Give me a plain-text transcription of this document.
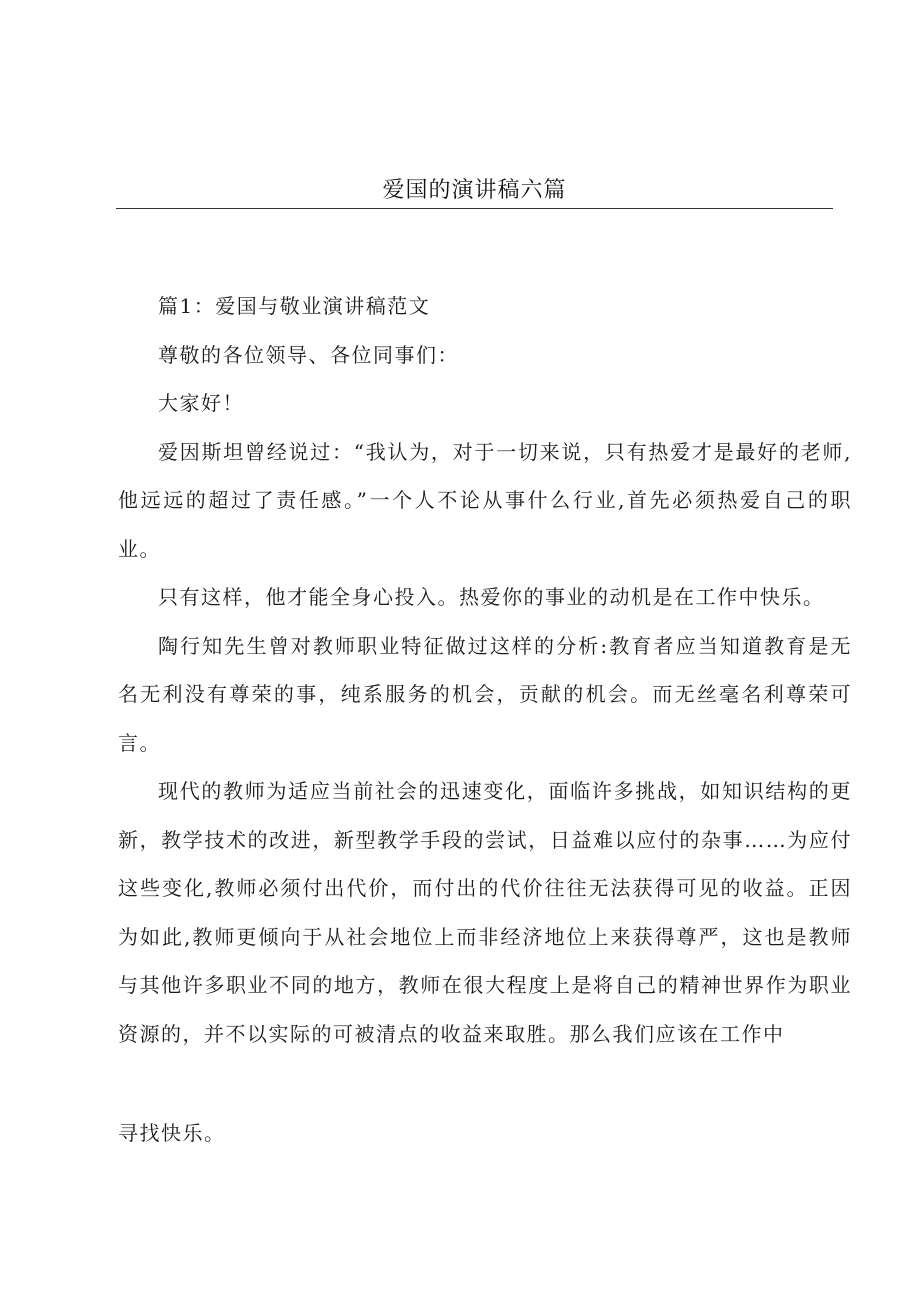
爱国的演讲稿六篇

篇1：爱国与敬业演讲稿范文

尊敬的各位领导、各位同事们：

大家好！

爱因斯坦曾经说过：“我认为，对于一切来说，只有热爱才是最好的老师,他远远的超过了责任感。”一个人不论从事什么行业,首先必须热爱自己的职业。

只有这样，他才能全身心投入。热爱你的事业的动机是在工作中快乐。

陶行知先生曾对教师职业特征做过这样的分析:教育者应当知道教育是无名无利没有尊荣的事，纯系服务的机会，贡献的机会。而无丝毫名利尊荣可言。

现代的教师为适应当前社会的迅速变化，面临许多挑战，如知识结构的更新，教学技术的改进，新型教学手段的尝试，日益难以应付的杂事……为应付这些变化,教师必须付出代价，而付出的代价往往无法获得可见的收益。正因为如此,教师更倾向于从社会地位上而非经济地位上来获得尊严，这也是教师与其他许多职业不同的地方，教师在很大程度上是将自己的精神世界作为职业资源的，并不以实际的可被清点的收益来取胜。那么我们应该在工作中

寻找快乐。
